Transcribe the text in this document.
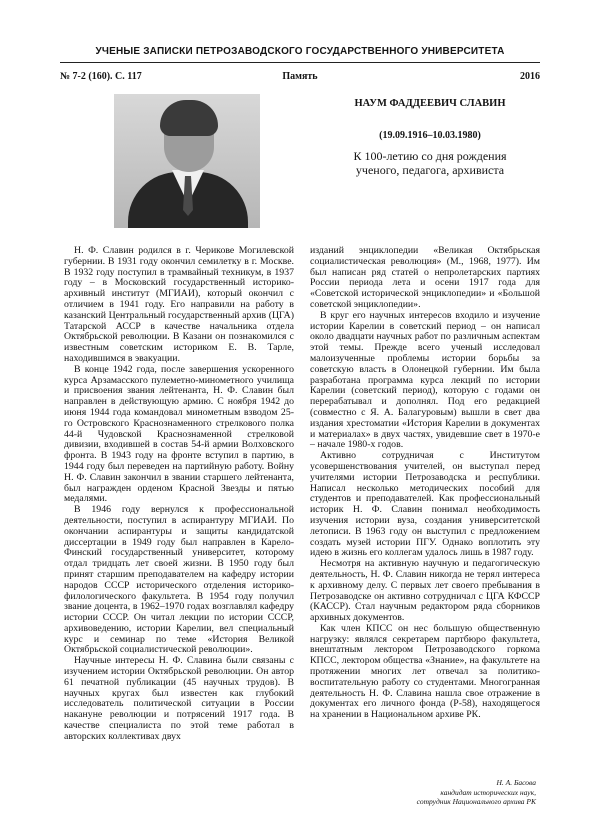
УЧЕНЫЕ ЗАПИСКИ ПЕТРОЗАВОДСКОГО ГОСУДАРСТВЕННОГО УНИВЕРСИТЕТА
№ 7-2 (160). С. 117	Память	2016
НАУМ ФАДДЕЕВИЧ СЛАВИН
(19.09.1916–10.03.1980)
К 100-летию со дня рождения
ученого, педагога, архивиста

Н. Ф. Славин родился в г. Черикове Могилевской губернии. В 1931 году окончил семилетку в г. Москве. В 1932 году поступил в трамвайный техникум, в 1937 году – в Московский государственный историко-архивный институт (МГИАИ), который окончил с отличием в 1941 году. Его направили на работу в казанский Центральный государственный архив (ЦГА) Татарской АССР в качестве начальника отдела Октябрьской революции. В Казани он познакомился с известным советским историком Е. В. Тарле, находившимся в эвакуации.

В конце 1942 года, после завершения ускоренного курса Арзамасского пулеметно-минометного училища и присвоения звания лейтенанта, Н. Ф. Славин был направлен в действующую армию. С ноября 1942 до июня 1944 года командовал минометным взводом 25-го Островского Краснознаменного стрелкового полка 44-й Чудовской Краснознаменной стрелковой дивизии, входившей в состав 54-й армии Волховского фронта. В 1943 году на фронте вступил в партию, в 1944 году был переведен на партийную работу. Войну Н. Ф. Славин закончил в звании старшего лейтенанта, был награжден орденом Красной Звезды и пятью медалями.

В 1946 году вернулся к профессиональной деятельности, поступил в аспирантуру МГИАИ. По окончании аспирантуры и защиты кандидатской диссертации в 1949 году был направлен в Карело-Финский государственный университет, которому отдал тридцать лет своей жизни. В 1950 году был принят старшим преподавателем на кафедру истории народов СССР исторического отделения историко-филологического факультета. В 1954 году получил звание доцента, в 1962–1970 годах возглавлял кафедру истории СССР. Он читал лекции по истории СССР, архивоведению, истории Карелии, вел специальный курс и семинар по теме «История Великой Октябрьской социалистической революции».

Научные интересы Н. Ф. Славина были связаны с изучением истории Октябрьской революции. Он автор 61 печатной публикации (45 научных трудов). В научных кругах был известен как глубокий исследователь политической ситуации в России накануне революции и потрясений 1917 года. В качестве специалиста по этой теме работал в авторских коллективах двух

изданий энциклопедии «Великая Октябрьская социалистическая революция» (М., 1968, 1977). Им был написан ряд статей о непролетарских партиях России периода лета и осени 1917 года для «Советской исторической энциклопедии» и «Большой советской энциклопедии».

В круг его научных интересов входило и изучение истории Карелии в советский период – он написал около двадцати научных работ по различным аспектам этой темы. Прежде всего ученый исследовал малоизученные проблемы истории борьбы за советскую власть в Олонецкой губернии. Им была разработана программа курса лекций по истории Карелии (советский период), которую с годами он перерабатывал и дополнял. Под его редакцией (совместно с Я. А. Балагуровым) вышли в свет два издания хрестоматии «История Карелии в документах и материалах» в двух частях, увидевшие свет в 1970-е – начале 1980-х годов.

Активно сотрудничая с Институтом усовершенствования учителей, он выступал перед учителями истории Петрозаводска и республики. Написал несколько методических пособий для студентов и преподавателей. Как профессиональный историк Н. Ф. Славин понимал необходимость изучения истории вуза, создания университетской летописи. В 1963 году он выступил с предложением создать музей истории ПГУ. Однако воплотить эту идею в жизнь его коллегам удалось лишь в 1987 году.

Несмотря на активную научную и педагогическую деятельность, Н. Ф. Славин никогда не терял интереса к архивному делу. С первых лет своего пребывания в Петрозаводске он активно сотрудничал с ЦГА КФССР (КАССР). Стал научным редактором ряда сборников архивных документов.

Как член КПСС он нес большую общественную нагрузку: являлся секретарем партбюро факультета, внештатным лектором Петрозаводского горкома КПСС, лектором общества «Знание», на факультете на протяжении многих лет отвечал за политико-воспитательную работу со студентами. Многогранная деятельность Н. Ф. Славина нашла свое отражение в документах его личного фонда (Р-58), находящегося на хранении в Национальном архиве РК.

Н. А. Басова
кандидат исторических наук,
сотрудник Национального архива РК
